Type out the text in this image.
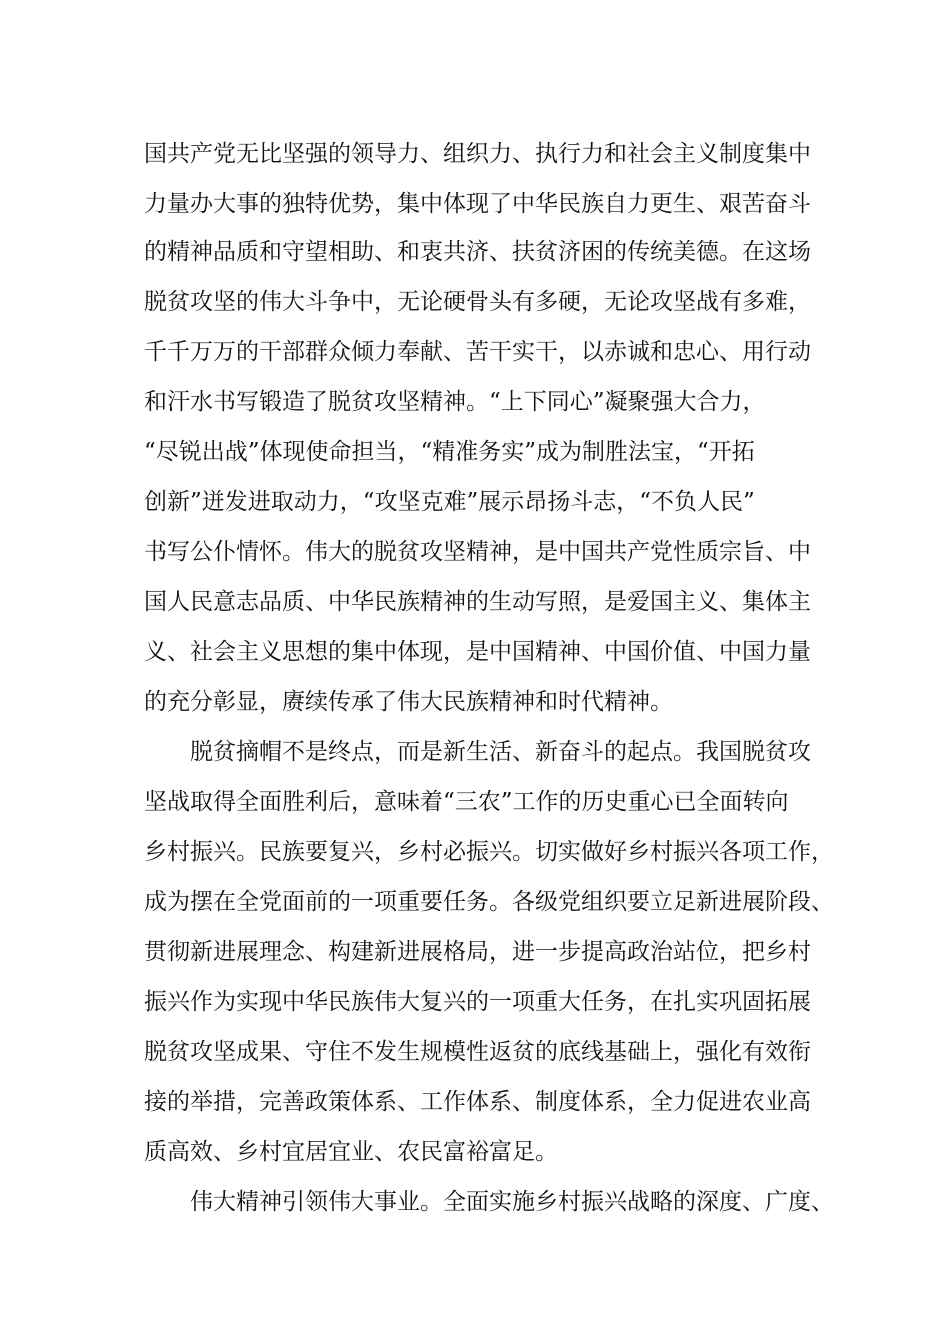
国共产党无比坚强的领导力、组织力、执行力和社会主义制度集中
力量办大事的独特优势，集中体现了中华民族自力更生、艰苦奋斗
的精神品质和守望相助、和衷共济、扶贫济困的传统美德。在这场
脱贫攻坚的伟大斗争中，无论硬骨头有多硬，无论攻坚战有多难，
千千万万的干部群众倾力奉献、苦干实干，以赤诚和忠心、用行动
和汗水书写锻造了脱贫攻坚精神。“上下同心”凝聚强大合力，
“尽锐出战”体现使命担当，“精准务实”成为制胜法宝，“开拓
创新”迸发进取动力，“攻坚克难”展示昂扬斗志，“不负人民”
书写公仆情怀。伟大的脱贫攻坚精神，是中国共产党性质宗旨、中
国人民意志品质、中华民族精神的生动写照，是爱国主义、集体主
义、社会主义思想的集中体现，是中国精神、中国价值、中国力量
的充分彰显，赓续传承了伟大民族精神和时代精神。
脱贫摘帽不是终点，而是新生活、新奋斗的起点。我国脱贫攻
坚战取得全面胜利后，意味着“三农”工作的历史重心已全面转向
乡村振兴。民族要复兴，乡村必振兴。切实做好乡村振兴各项工作，
成为摆在全党面前的一项重要任务。各级党组织要立足新进展阶段、
贯彻新进展理念、构建新进展格局，进一步提高政治站位，把乡村
振兴作为实现中华民族伟大复兴的一项重大任务，在扎实巩固拓展
脱贫攻坚成果、守住不发生规模性返贫的底线基础上，强化有效衔
接的举措，完善政策体系、工作体系、制度体系，全力促进农业高
质高效、乡村宜居宜业、农民富裕富足。
伟大精神引领伟大事业。全面实施乡村振兴战略的深度、广度、
